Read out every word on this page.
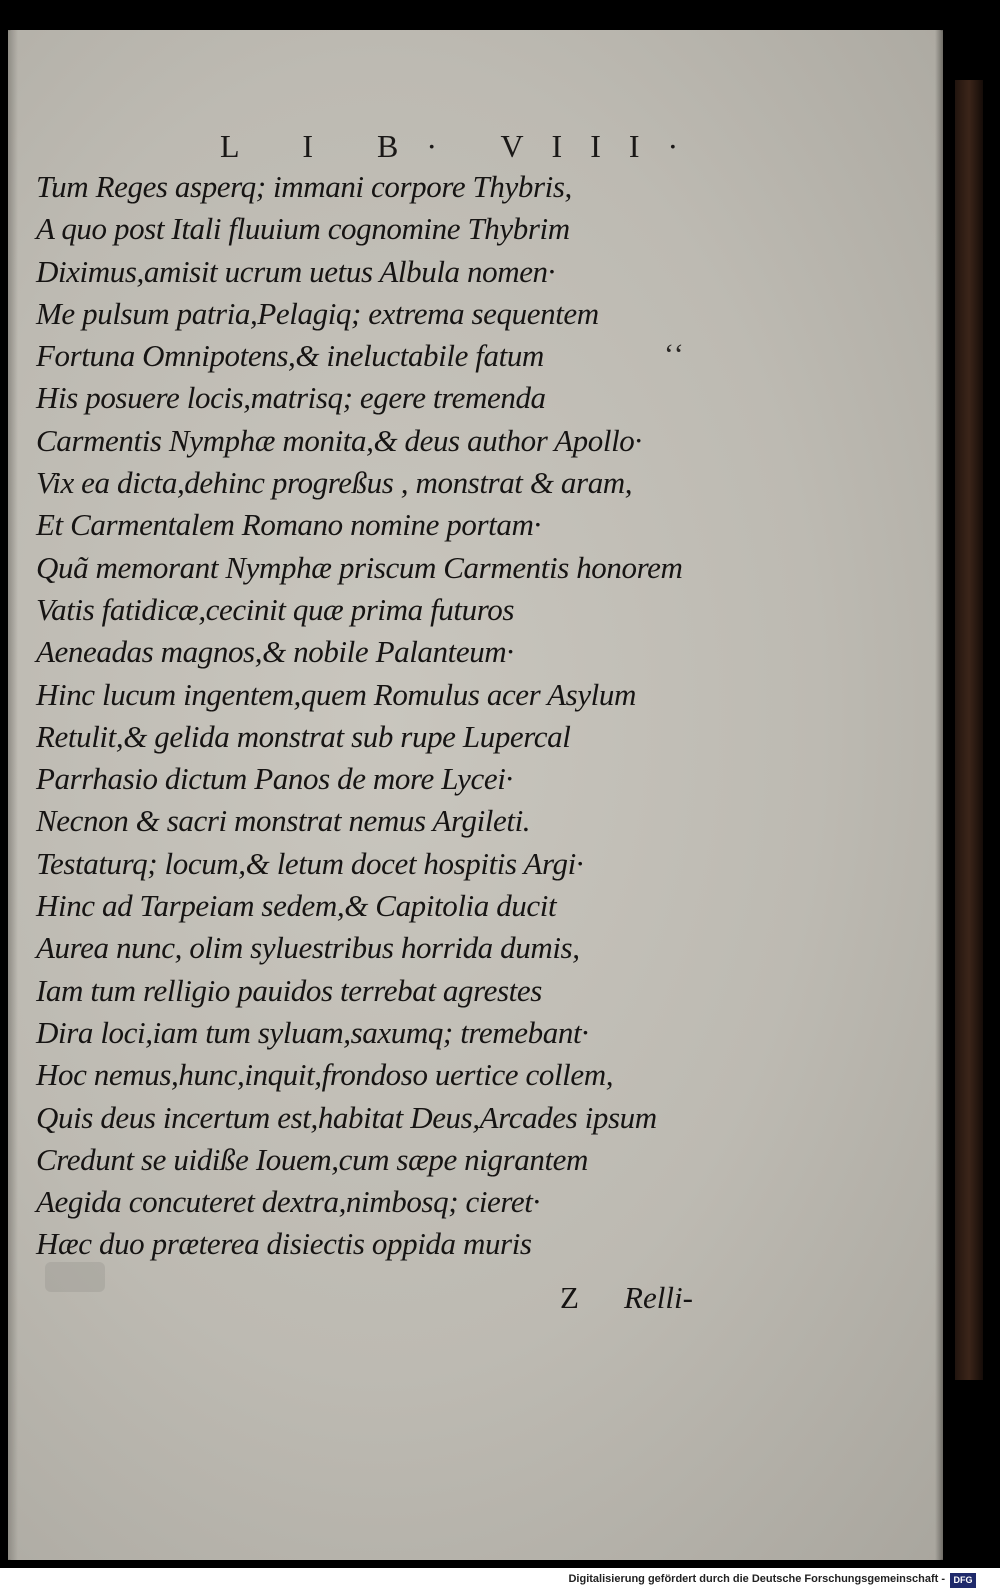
L I B· VIII·
Tum Reges asperq; immani corpore Thybris,
A quo post Itali fluuium cognomine Thybrim
Diximus,amisit ucrum uetus Albula nomen·
Me pulsum patria,Pelagiq; extrema sequentem
Fortuna Omnipotens,& ineluctabile fatum
His posuere locis,matrisq; egere tremenda
Carmentis Nymphæ monita,& deus author Apollo·
Vix ea dicta,dehinc progreßus , monstrat & aram,
Et Carmentalem Romano nomine portam·
Quã memorant Nymphæ priscum Carmentis honorem
Vatis fatidicæ,cecinit quæ prima futuros
Aeneadas magnos,& nobile Palanteum·
Hinc lucum ingentem,quem Romulus acer Asylum
Retulit,& gelida monstrat sub rupe Lupercal
Parrhasio dictum Panos de more Lycei·
Necnon & sacri monstrat nemus Argileti.
Testaturq; locum,& letum docet hospitis Argi·
Hinc ad Tarpeiam sedem,& Capitolia ducit
Aurea nunc, olim syluestribus horrida dumis,
Iam tum relligio pauidos terrebat agrestes
Dira loci,iam tum syluam,saxumq; tremebant·
Hoc nemus,hunc,inquit,frondoso uertice collem,
Quis deus incertum est,habitat Deus,Arcades ipsum
Credunt se uidiße Iouem,cum sæpe nigrantem
Aegida concuteret dextra,nimbosq; cieret·
Hæc duo præterea disiectis oppida muris
‘‘
Z Relli-
Digitalisierung gefördert durch die Deutsche Forschungsgemeinschaft - DFG
